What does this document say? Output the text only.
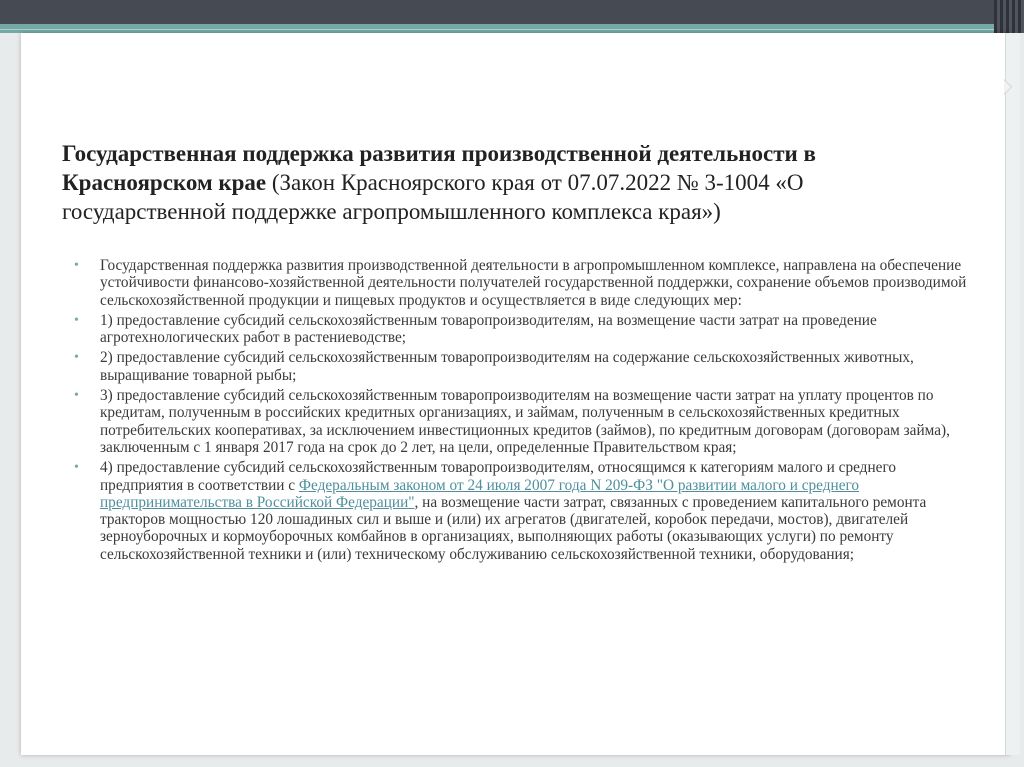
Государственная поддержка развития производственной деятельности в Красноярском крае (Закон Красноярского края от 07.07.2022 № 3-1004 «О государственной поддержке агропромышленного комплекса края»)
• Государственная поддержка развития производственной деятельности в агропромышленном комплексе, направлена на обеспечение устойчивости финансово-хозяйственной деятельности получателей государственной поддержки, сохранение объемов производимой сельскохозяйственной продукции и пищевых продуктов и осуществляется в виде следующих мер:
• 1) предоставление субсидий сельскохозяйственным товаропроизводителям, на возмещение части затрат на проведение агротехнологических работ в растениеводстве;
• 2) предоставление субсидий сельскохозяйственным товаропроизводителям на содержание сельскохозяйственных животных, выращивание товарной рыбы;
• 3) предоставление субсидий сельскохозяйственным товаропроизводителям на возмещение части затрат на уплату процентов по кредитам, полученным в российских кредитных организациях, и займам, полученным в сельскохозяйственных кредитных потребительских кооперативах, за исключением инвестиционных кредитов (займов), по кредитным договорам (договорам займа), заключенным с 1 января 2017 года на срок до 2 лет, на цели, определенные Правительством края;
• 4) предоставление субсидий сельскохозяйственным товаропроизводителям, относящимся к категориям малого и среднего предприятия в соответствии с Федеральным законом от 24 июля 2007 года N 209-ФЗ "О развитии малого и среднего предпринимательства в Российской Федерации", на возмещение части затрат, связанных с проведением капитального ремонта тракторов мощностью 120 лошадиных сил и выше и (или) их агрегатов (двигателей, коробок передачи, мостов), двигателей зерноуборочных и кормоуборочных комбайнов в организациях, выполняющих работы (оказывающих услуги) по ремонту сельскохозяйственной техники и (или) техническому обслуживанию сельскохозяйственной техники, оборудования;
